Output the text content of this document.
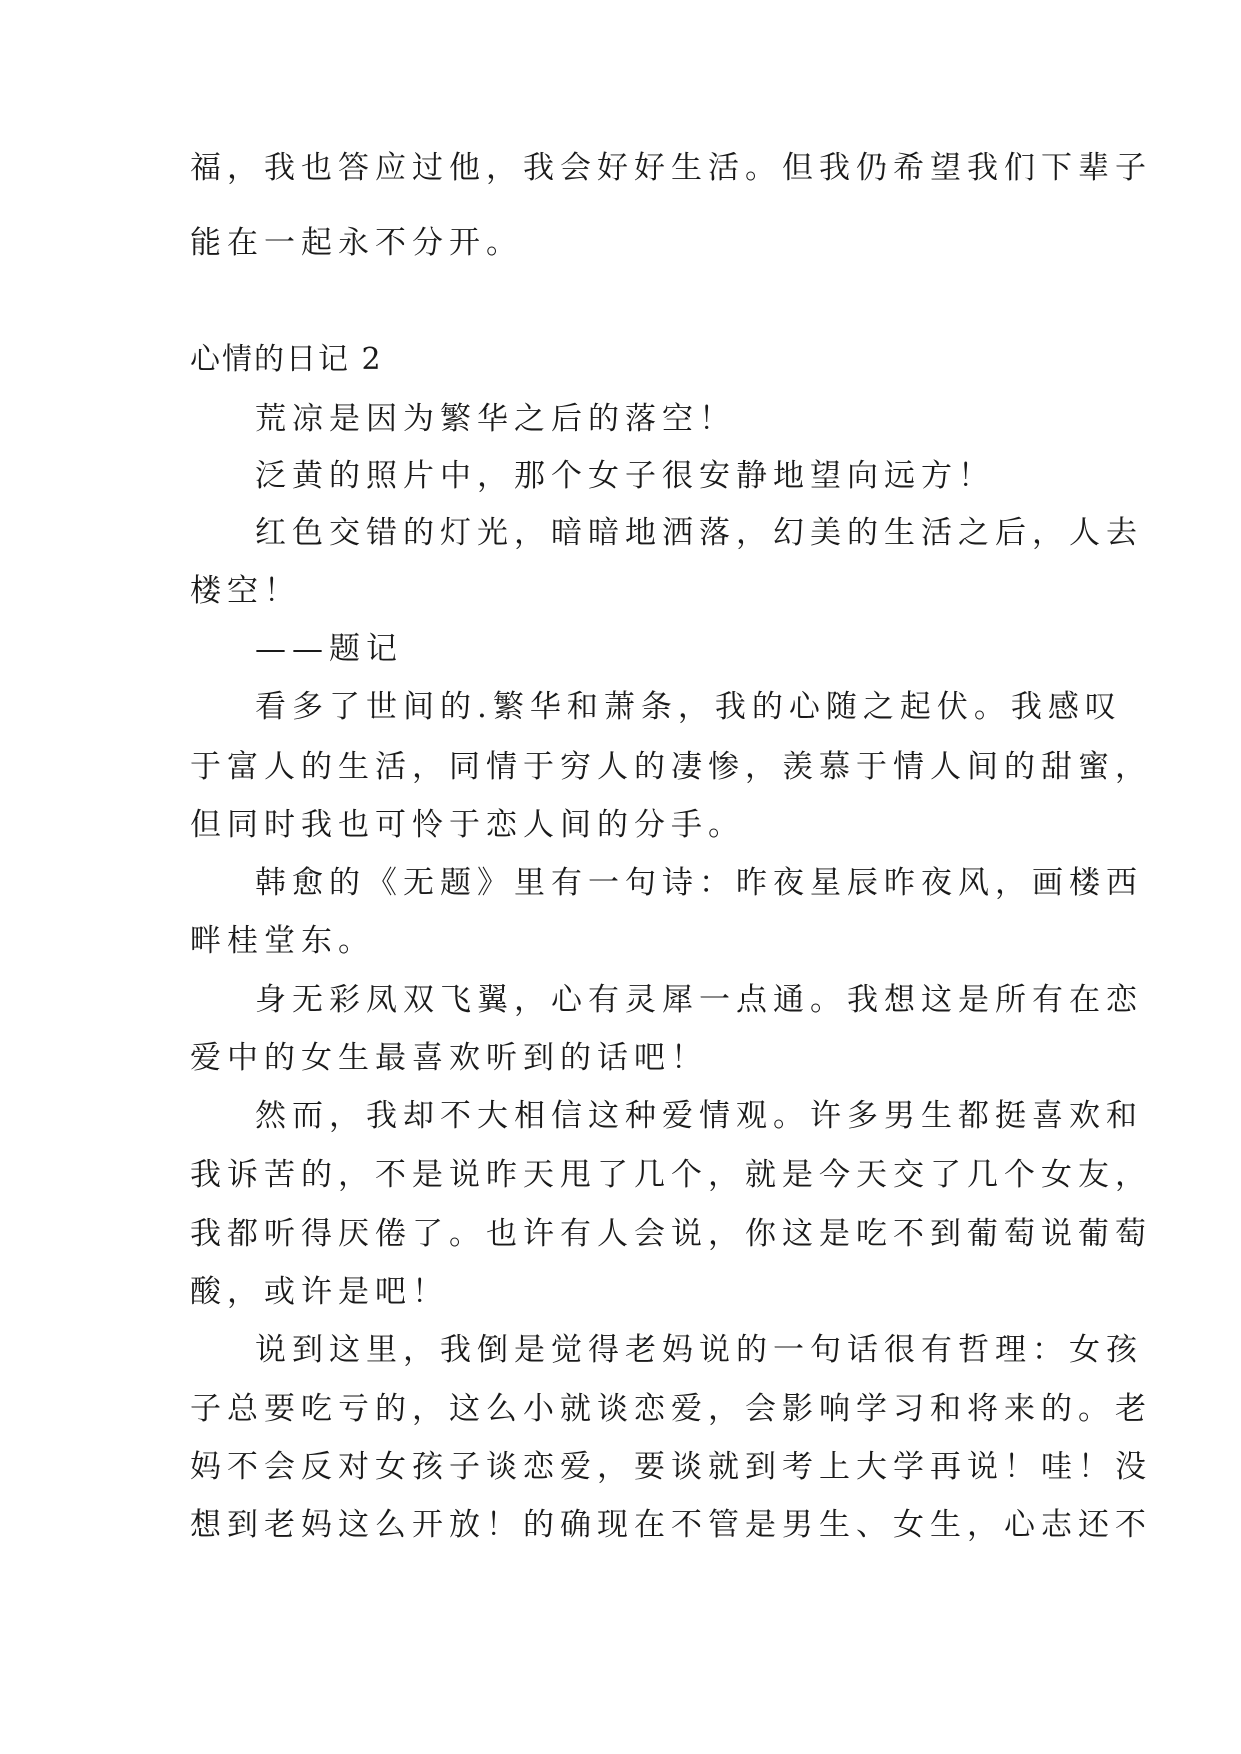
福，我也答应过他，我会好好生活。但我仍希望我们下辈子
能在一起永不分开。
心情的日记 2
荒凉是因为繁华之后的落空！
泛黄的照片中，那个女子很安静地望向远方！
红色交错的灯光，暗暗地洒落，幻美的生活之后，人去
楼空！
——题记
看多了世间的.繁华和萧条，我的心随之起伏。我感叹
于富人的生活，同情于穷人的凄惨，羡慕于情人间的甜蜜，
但同时我也可怜于恋人间的分手。
韩愈的《无题》里有一句诗：昨夜星辰昨夜风，画楼西
畔桂堂东。
身无彩凤双飞翼，心有灵犀一点通。我想这是所有在恋
爱中的女生最喜欢听到的话吧！
然而，我却不大相信这种爱情观。许多男生都挺喜欢和
我诉苦的，不是说昨天甩了几个，就是今天交了几个女友，
我都听得厌倦了。也许有人会说，你这是吃不到葡萄说葡萄
酸，或许是吧！
说到这里，我倒是觉得老妈说的一句话很有哲理：女孩
子总要吃亏的，这么小就谈恋爱，会影响学习和将来的。老
妈不会反对女孩子谈恋爱，要谈就到考上大学再说！哇！没
想到老妈这么开放！的确现在不管是男生、女生，心志还不
